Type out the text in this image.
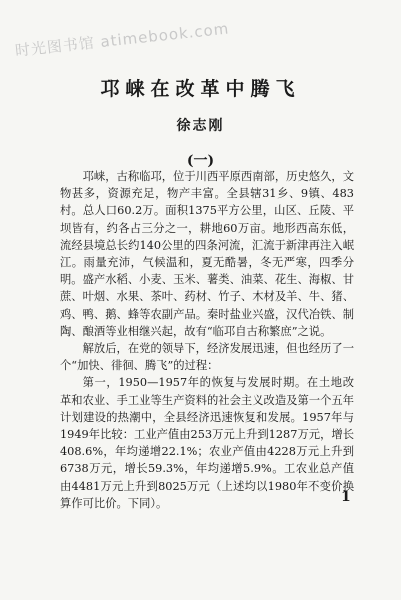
时光图书馆 atimebook.com
邛崃在改革中腾飞
徐志刚
(一)

邛崃，古称临邛，位于川西平原西南部，历史悠久，文物甚多，资源充足，物产丰富。全县辖31乡、9镇、483村。总人口60.2万。面积1375平方公里，山区、丘陵、平坝皆有，约各占三分之一，耕地60万亩。地形西高东低，流经县境总长约140公里的四条河流，汇流于新津再注入岷江。雨量充沛，气候温和，夏无酷暑，冬无严寒，四季分明。盛产水稻、小麦、玉米、薯类、油菜、花生、海椒、甘蔗、叶烟、水果、茶叶、药材、竹子、木材及羊、牛、猪、鸡、鸭、鹅、蜂等农副产品。秦时盐业兴盛，汉代冶铁、制陶、酿酒等业相继兴起，故有“临邛自古称繁庶”之说。

解放后，在党的领导下，经济发展迅速，但也经历了一个“加快、徘徊、腾飞”的过程：

第一，1950—1957年的恢复与发展时期。在土地改革和农业、手工业等生产资料的社会主义改造及第一个五年计划建设的热潮中，全县经济迅速恢复和发展。1957年与1949年比较：工业产值由253万元上升到1287万元，增长408.6%，年均递增22.1%；农业产值由4228万元上升到6738万元，增长59.3%，年均递增5.9%。工农业总产值由4481万元上升到8025万元（上述均以1980年不变价换算作可比价。下同）。	1
